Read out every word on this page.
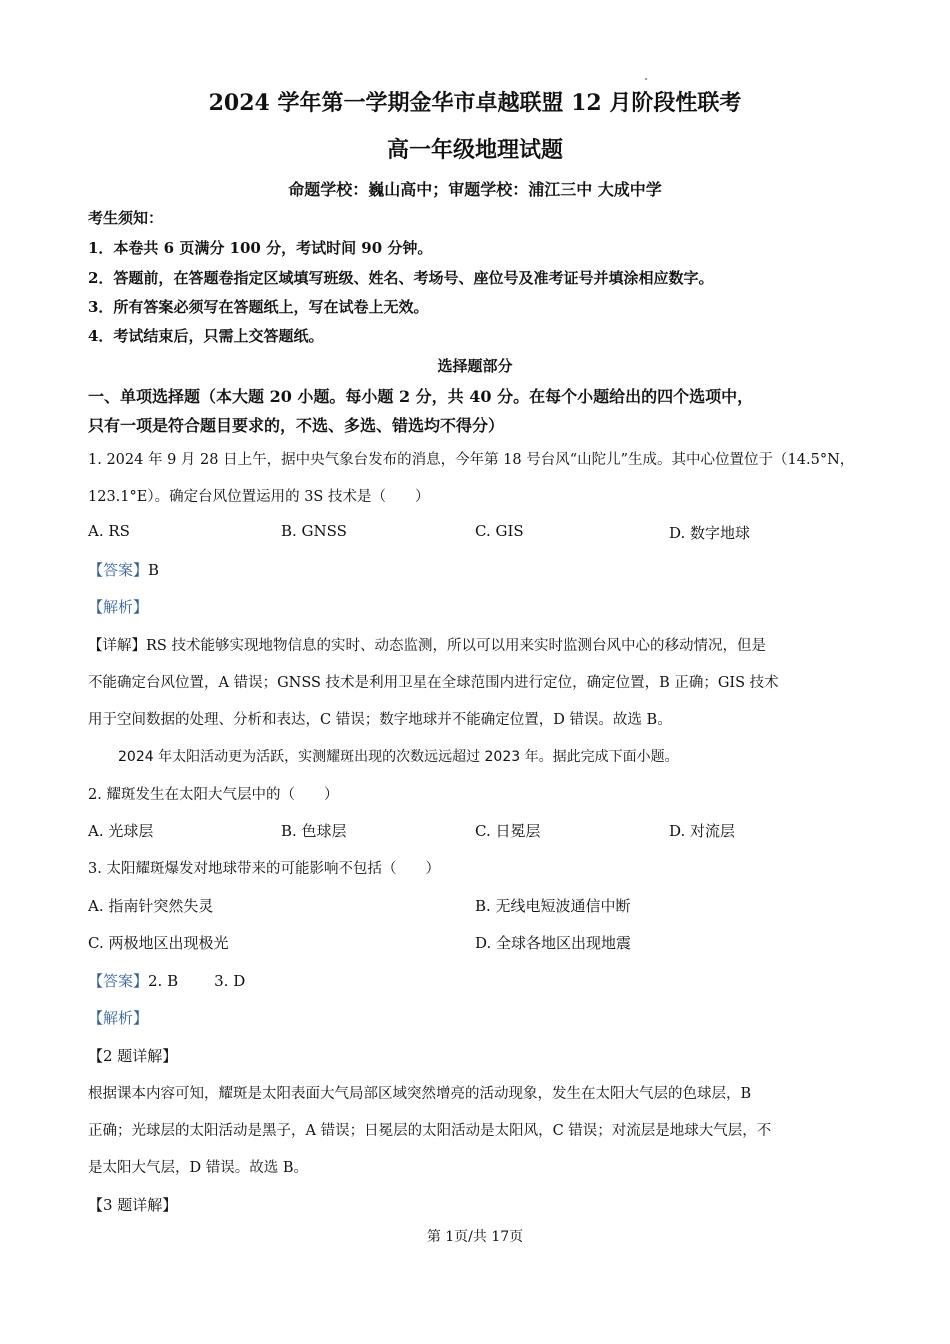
2024 学年第一学期金华市卓越联盟 12 月阶段性联考
高一年级地理试题
命题学校：巍山高中；审题学校：浦江三中 大成中学
考生须知：
1．本卷共 6 页满分 100 分，考试时间 90 分钟。
2．答题前，在答题卷指定区域填写班级、姓名、考场号、座位号及准考证号并填涂相应数字。
3．所有答案必须写在答题纸上，写在试卷上无效。
4．考试结束后，只需上交答题纸。
选择题部分
一、单项选择题（本大题 20 小题。每小题 2 分，共 40 分。在每个小题给出的四个选项中，
只有一项是符合题目要求的，不选、多选、错选均不得分）
1. 2024 年 9 月 28 日上午，据中央气象台发布的消息，今年第 18 号台风“山陀儿”生成。其中心位置位于（14.5°N，
123.1°E）。确定台风位置运用的 3S 技术是（　　）
A. RS	B. GNSS	C. GIS	D. 数字地球
【答案】B
【解析】
【详解】RS 技术能够实现地物信息的实时、动态监测，所以可以用来实时监测台风中心的移动情况，但是
不能确定台风位置，A 错误；GNSS 技术是利用卫星在全球范围内进行定位，确定位置，B 正确；GIS 技术
用于空间数据的处理、分析和表达，C 错误；数字地球并不能确定位置，D 错误。故选 B。
2024 年太阳活动更为活跃，实测耀斑出现的次数远远超过 2023 年。据此完成下面小题。
2. 耀斑发生在太阳大气层中的（　　）
A. 光球层	B. 色球层	C. 日冕层	D. 对流层
3. 太阳耀斑爆发对地球带来的可能影响不包括（　　）
A. 指南针突然失灵	B. 无线电短波通信中断
C. 两极地区出现极光	D. 全球各地区出现地震
【答案】2. B 3. D
【解析】
【2 题详解】
根据课本内容可知，耀斑是太阳表面大气局部区域突然增亮的活动现象，发生在太阳大气层的色球层，B
正确；光球层的太阳活动是黑子，A 错误；日冕层的太阳活动是太阳风，C 错误；对流层是地球大气层，不
是太阳大气层，D 错误。故选 B。
【3 题详解】
第 1页/共 17页
